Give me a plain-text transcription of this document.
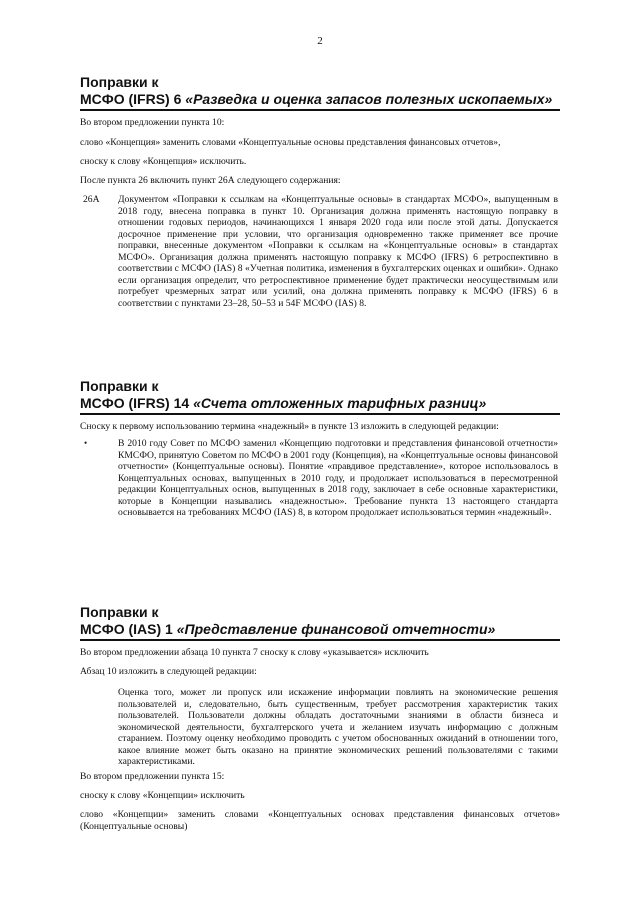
2
Поправки к
МСФО (IFRS) 6 «Разведка и оценка запасов полезных ископаемых»
Во втором предложении пункта 10:
слово «Концепция» заменить словами «Концептуальные основы представления финансовых отчетов»,
сноску к слову «Концепция» исключить.
После пункта 26 включить пункт 26А следующего содержания:
26А Документом «Поправки к ссылкам на «Концептуальные основы» в стандартах МСФО», выпущенным в 2018 году, внесена поправка в пункт 10. Организация должна применять настоящую поправку в отношении годовых периодов, начинающихся 1 января 2020 года или после этой даты. Допускается досрочное применение при условии, что организация одновременно также применяет все прочие поправки, внесенные документом «Поправки к ссылкам на «Концептуальные основы» в стандартах МСФО». Организация должна применять настоящую поправку к МСФО (IFRS) 6 ретроспективно в соответствии с МСФО (IAS) 8 «Учетная политика, изменения в бухгалтерских оценках и ошибки». Однако если организация определит, что ретроспективное применение будет практически неосуществимым или потребует чрезмерных затрат или усилий, она должна применять поправку к МСФО (IFRS) 6 в соответствии с пунктами 23–28, 50–53 и 54F МСФО (IAS) 8.
Поправки к
МСФО (IFRS) 14 «Счета отложенных тарифных разниц»
Сноску к первому использованию термина «надежный» в пункте 13 изложить в следующей редакции:
•	В 2010 году Совет по МСФО заменил «Концепцию подготовки и представления финансовой отчетности» КМСФО, принятую Советом по МСФО в 2001 году (Концепция), на «Концептуальные основы финансовой отчетности» (Концептуальные основы). Понятие «правдивое представление», которое использовалось в Концептуальных основах, выпущенных в 2010 году, и продолжает использоваться в пересмотренной редакции Концептуальных основ, выпущенных в 2018 году, заключает в себе основные характеристики, которые в Концепции назывались «надежностью». Требование пункта 13 настоящего стандарта основывается на требованиях МСФО (IAS) 8, в котором продолжает использоваться термин «надежный».
Поправки к
МСФО (IAS) 1 «Представление финансовой отчетности»
Во втором предложении абзаца 10 пункта 7 сноску к слову «указывается» исключить
Абзац 10 изложить в следующей редакции:
Оценка того, может ли пропуск или искажение информации повлиять на экономические решения пользователей и, следовательно, быть существенным, требует рассмотрения характеристик таких пользователей. Пользователи должны обладать достаточными знаниями в области бизнеса и экономической деятельности, бухгалтерского учета и желанием изучать информацию с должным старанием. Поэтому оценку необходимо проводить с учетом обоснованных ожиданий в отношении того, какое влияние может быть оказано на принятие экономических решений пользователями с такими характеристиками.
Во втором предложении пункта 15:
сноску к слову «Концепции» исключить
слово «Концепции» заменить словами «Концептуальных основах представления финансовых отчетов» (Концептуальные основы)
